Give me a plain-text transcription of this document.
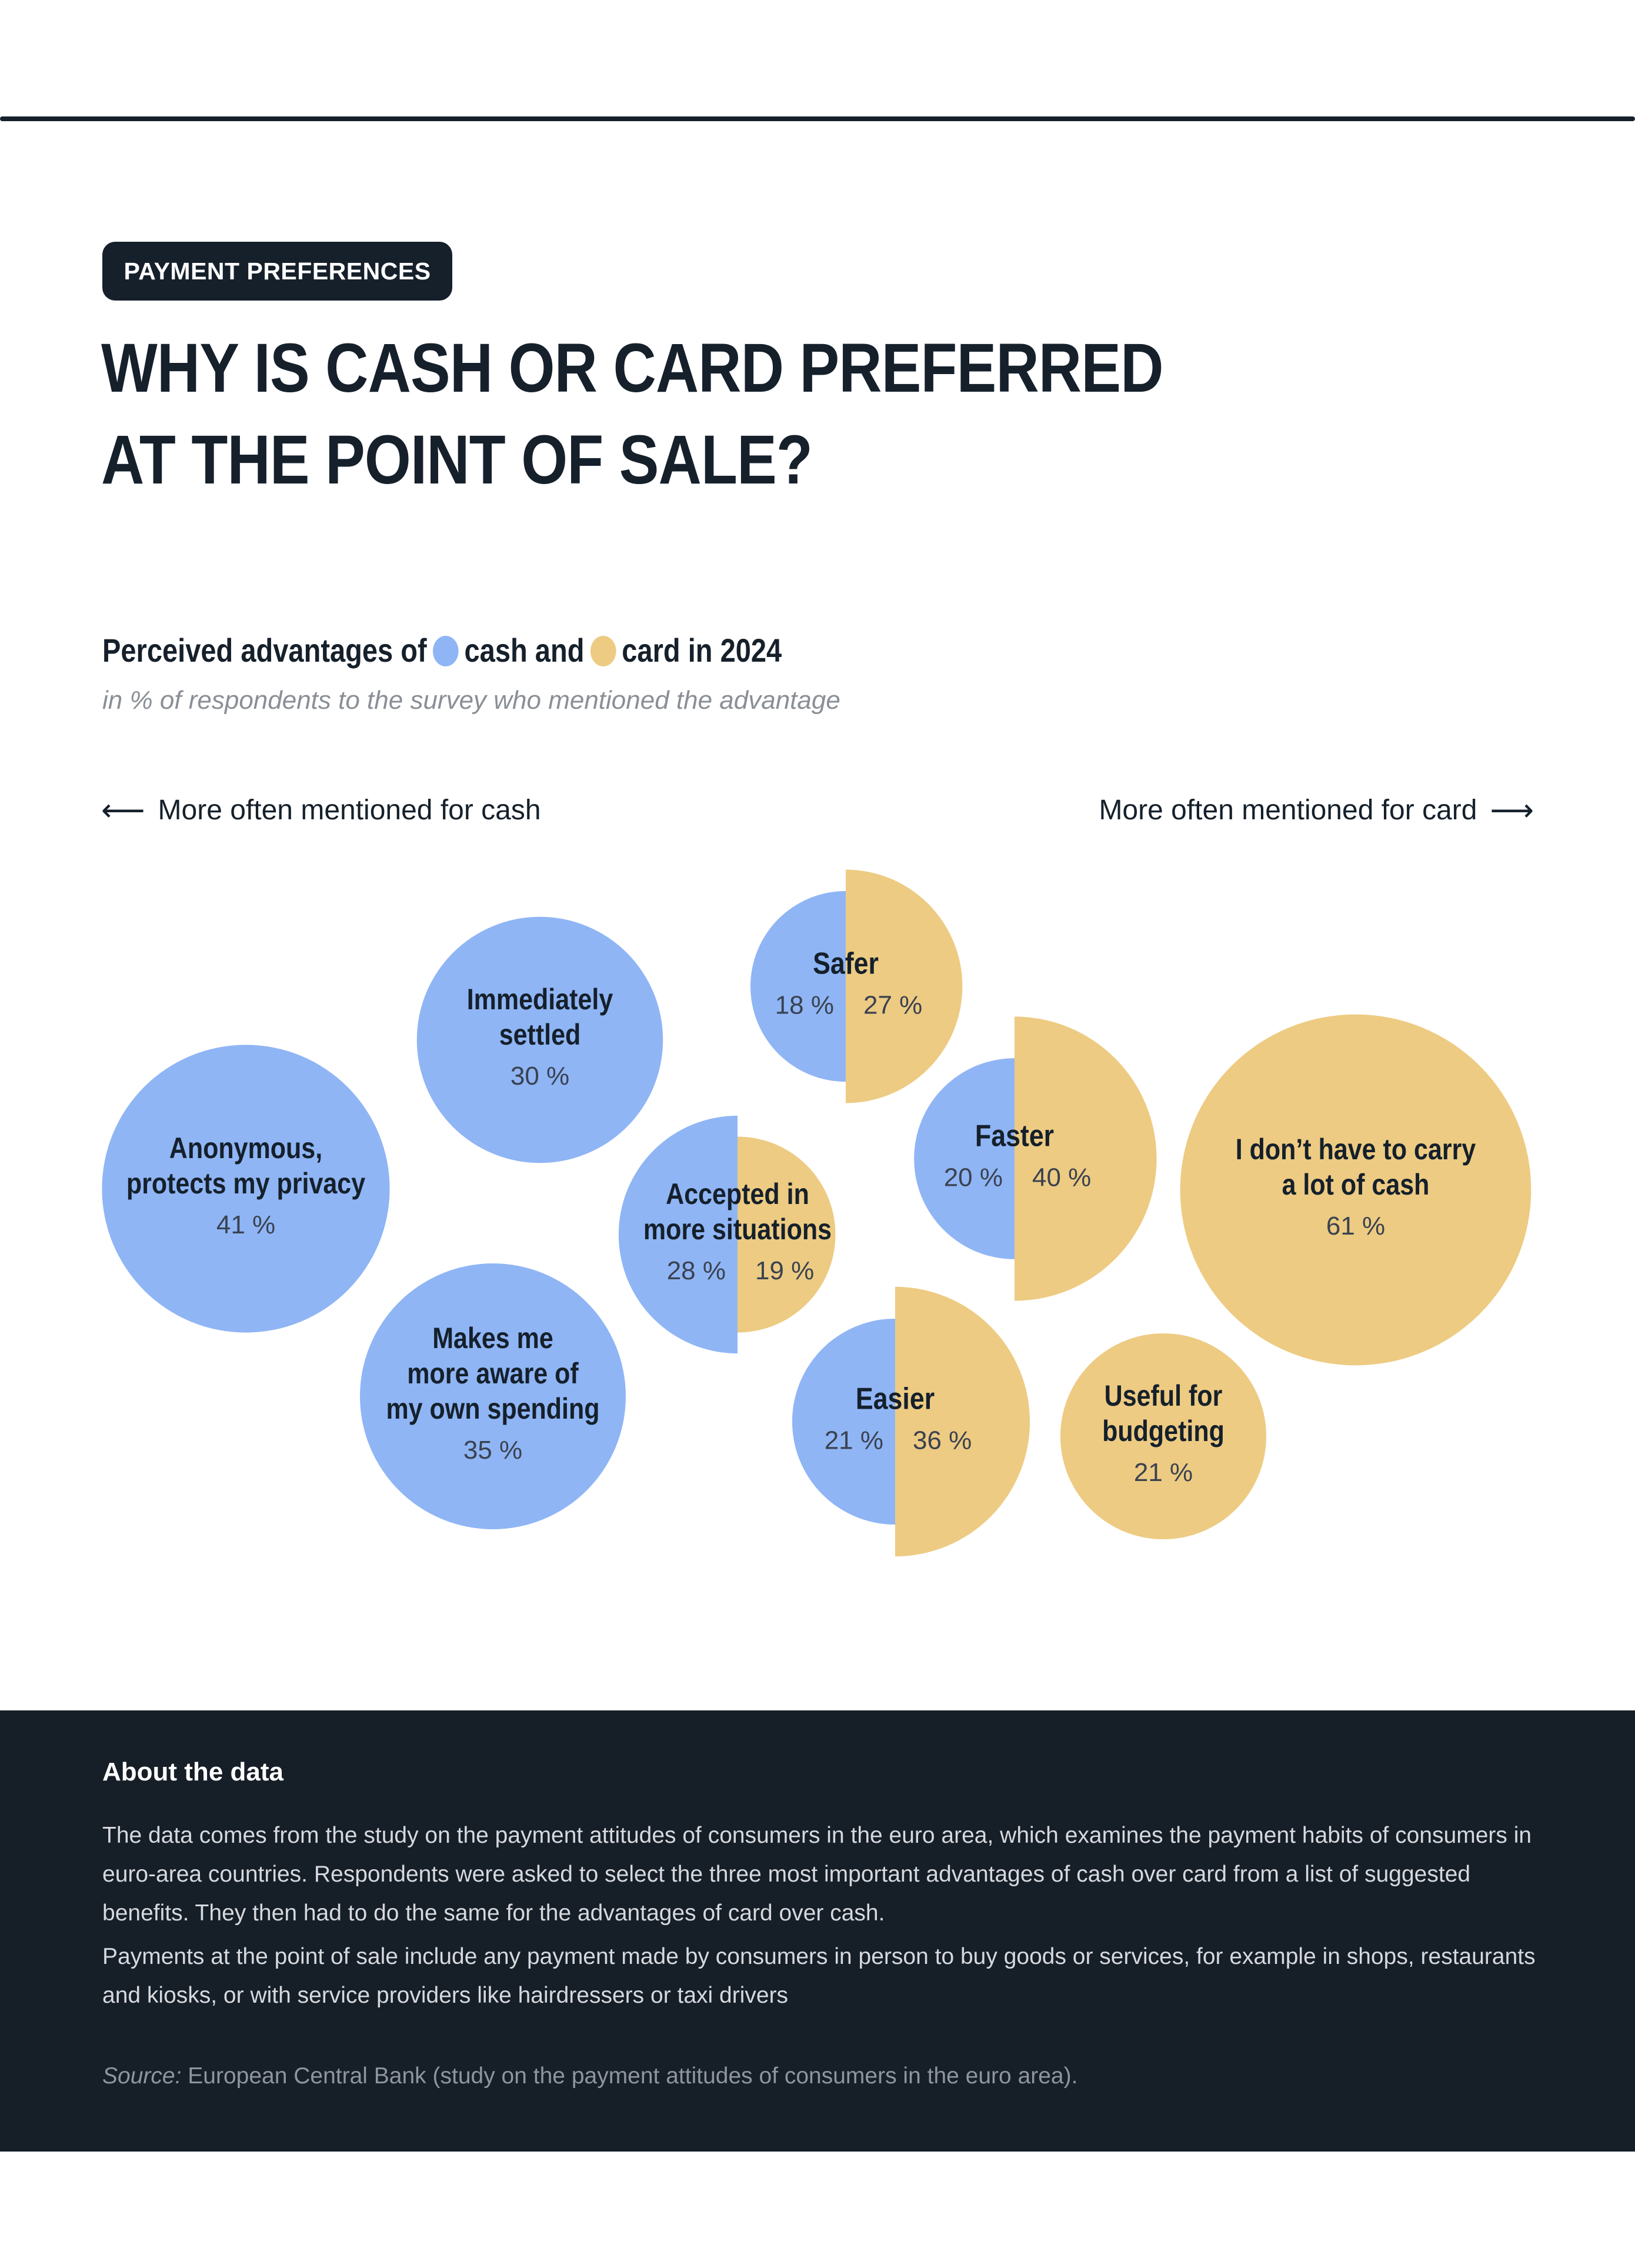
PAYMENT PREFERENCES
WHY IS CASH OR CARD PREFERRED
AT THE POINT OF SALE?
Perceived advantages of cash and card in 2024
in % of respondents to the survey who mentioned the advantage
⟵ More often mentioned for cash	More often mentioned for card ⟶
Anonymous,
protects my privacy
41 %
Immediately
settled
30 %
Makes me
more aware of
my own spending
35 %
Accepted in
more situations
28 % 19 %
Safer
18 % 27 %
Faster
20 % 40 %
Easier
21 % 36 %
Useful for
budgeting
21 %
I don’t have to carry
a lot of cash
61 %
About the data

The data comes from the study on the payment attitudes of consumers in the euro area, which examines the payment habits of consumers in euro-area countries. Respondents were asked to select the three most important advantages of cash over card from a list of suggested benefits. They then had to do the same for the advantages of card over cash.

Payments at the point of sale include any payment made by consumers in person to buy goods or services, for example in shops, restaurants and kiosks, or with service providers like hairdressers or taxi drivers

Source: European Central Bank (study on the payment attitudes of consumers in the euro area).
